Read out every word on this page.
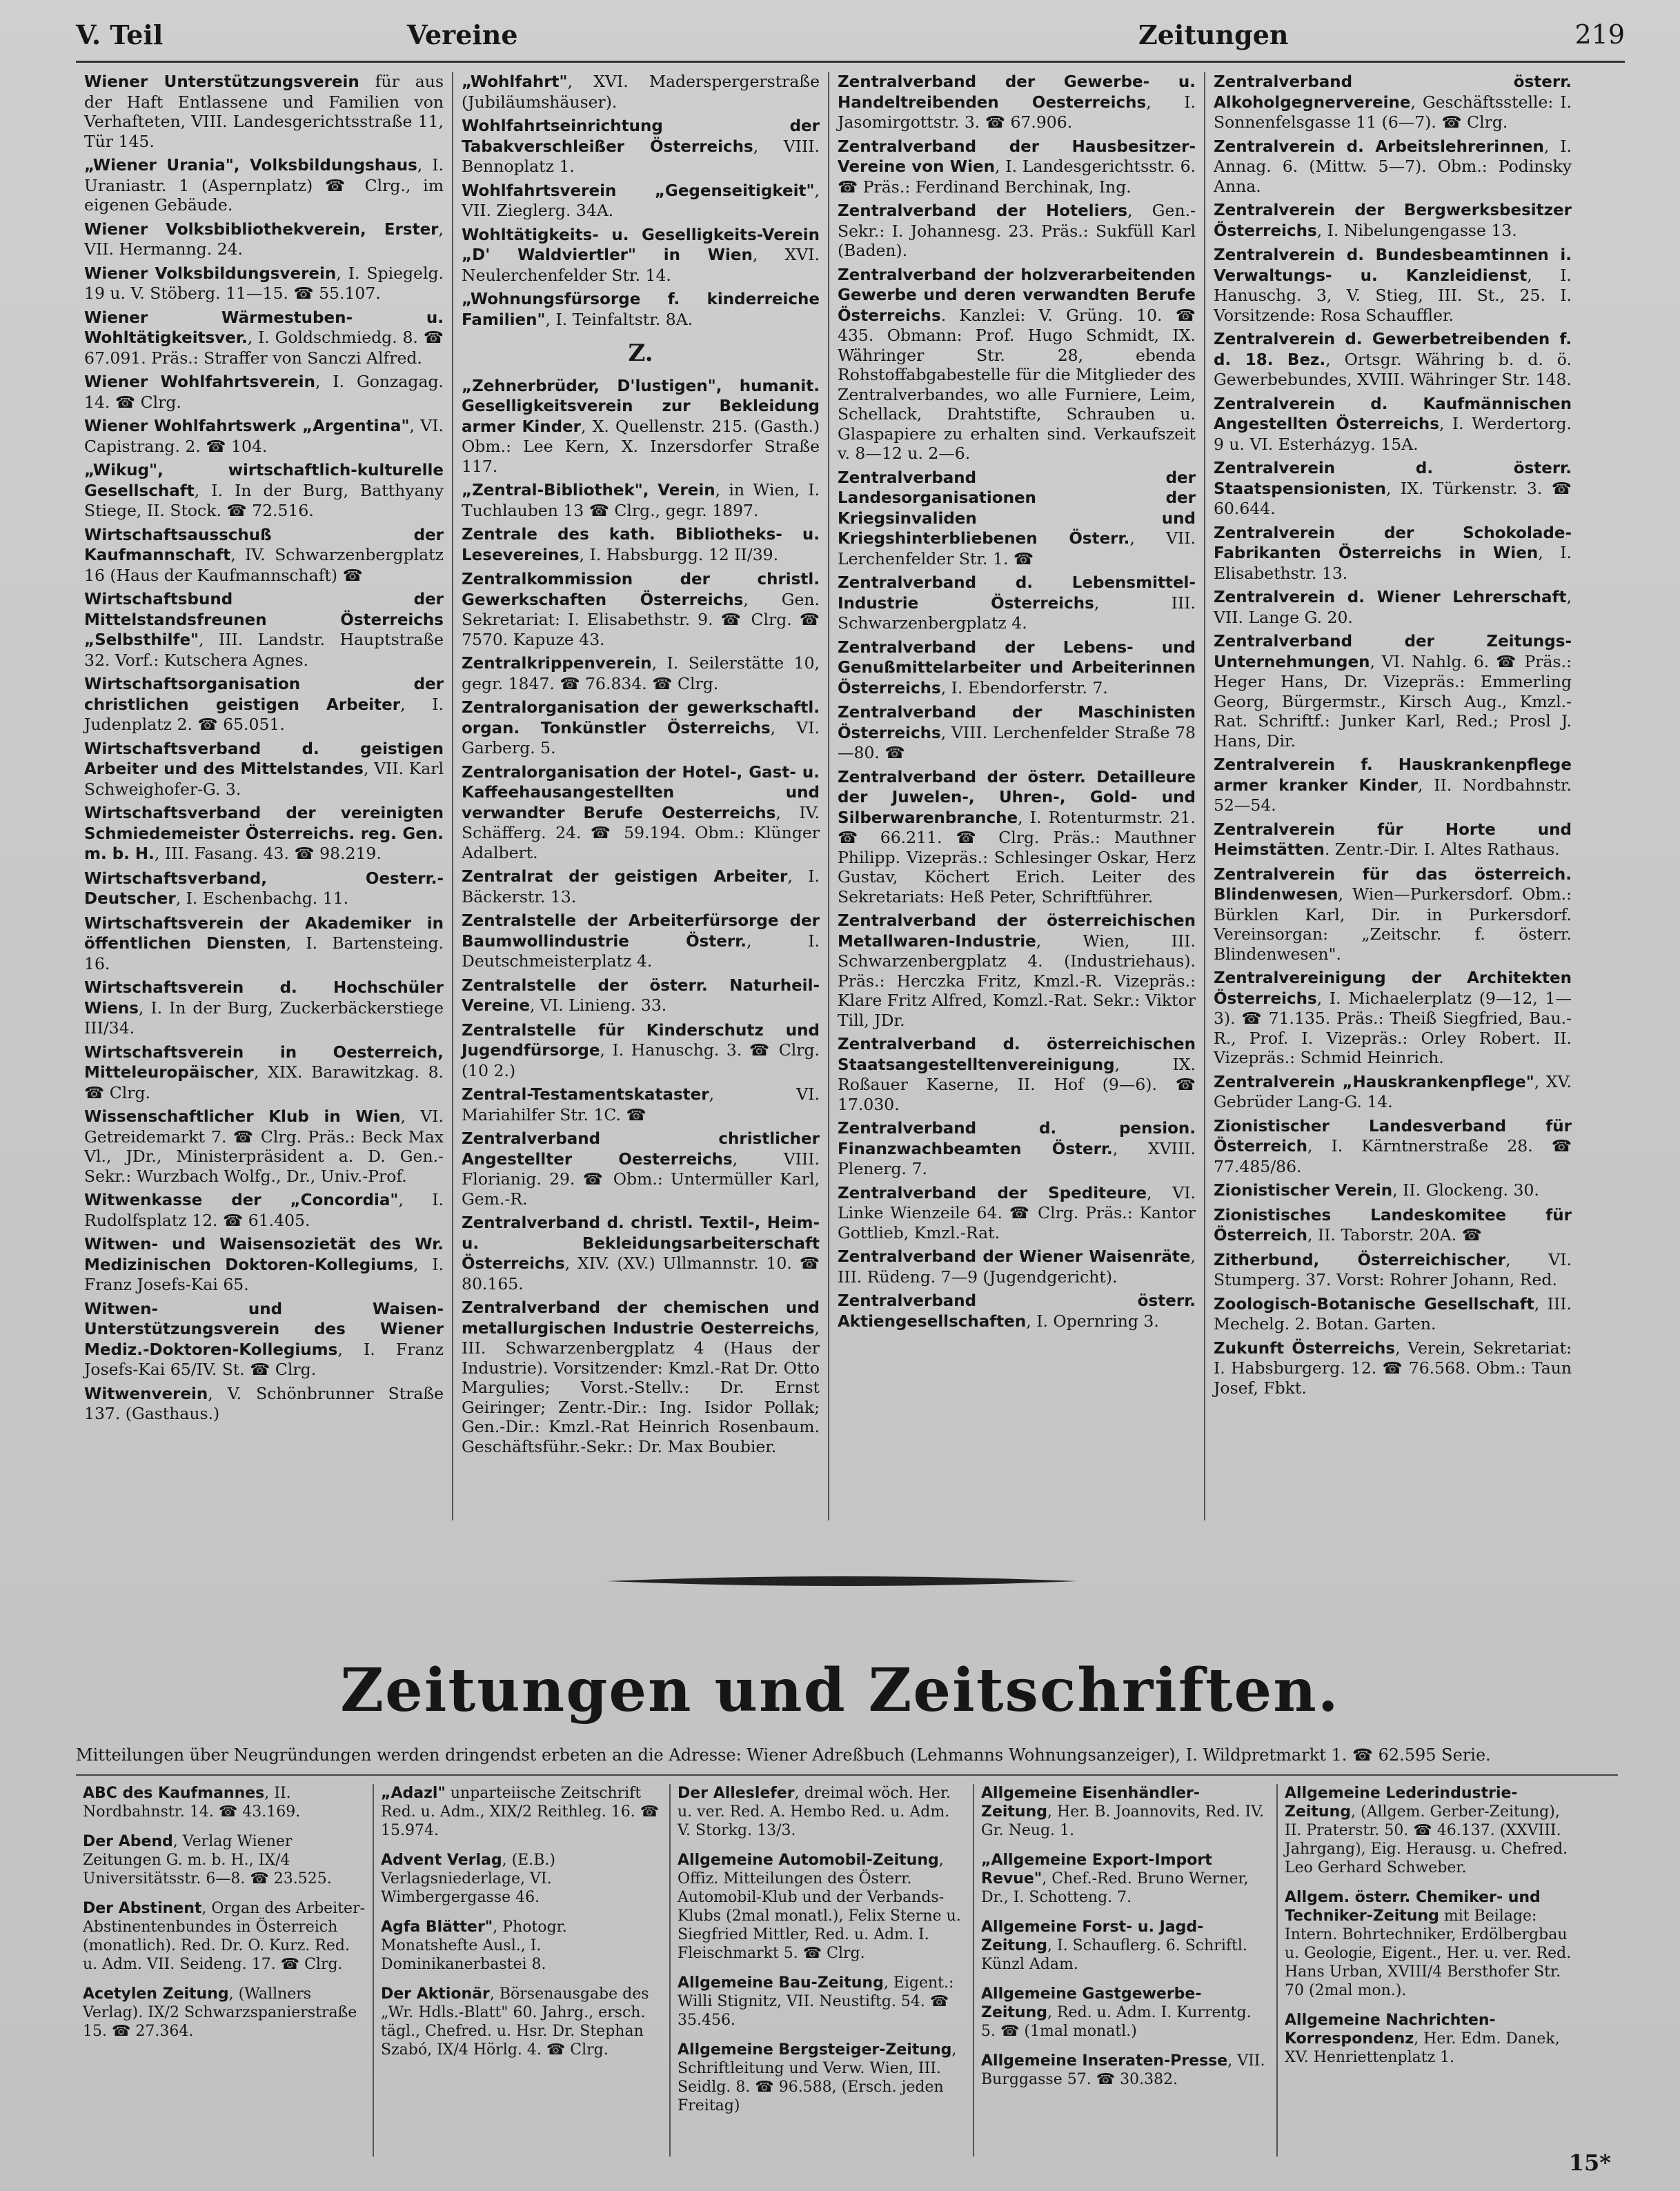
V. Teil	Vereine	Zeitungen	219

Wiener Unterstützungsverein für aus der Haft Entlassene und Familien von Verhafteten, VIII. Landesgerichtsstraße 11, Tür 145.

„Wiener Urania", Volksbildungshaus, I. Uraniastr. 1 (Aspernplatz) ☎ Clrg., im eigenen Gebäude.

Wiener Volksbibliothekverein, Erster, VII. Hermanng. 24.

Wiener Volksbildungsverein, I. Spiegelg. 19 u. V. Stöberg. 11—15. ☎ 55.107.

Wiener Wärmestuben- u. Wohltätigkeitsver., I. Goldschmiedg. 8. ☎ 67.091. Präs.: Straffer von Sanczi Alfred.

Wiener Wohlfahrtsverein, I. Gonzagag. 14. ☎ Clrg.

Wiener Wohlfahrtswerk „Argentina", VI. Capistrang. 2. ☎ 104.

„Wikug", wirtschaftlich-kulturelle Gesellschaft, I. In der Burg, Batthyany Stiege, II. Stock. ☎ 72.516.

Wirtschaftsausschuß der Kaufmannschaft, IV. Schwarzenbergplatz 16 (Haus der Kaufmannschaft) ☎

Wirtschaftsbund der Mittelstandsfreunen Österreichs „Selbsthilfe", III. Landstr. Hauptstraße 32. Vorf.: Kutschera Agnes.

Wirtschaftsorganisation der christlichen geistigen Arbeiter, I. Judenplatz 2. ☎ 65.051.

Wirtschaftsverband d. geistigen Arbeiter und des Mittelstandes, VII. Karl Schweighofer-G. 3.

Wirtschaftsverband der vereinigten Schmiedemeister Österreichs. reg. Gen. m. b. H., III. Fasang. 43. ☎ 98.219.

Wirtschaftsverband, Oesterr.-Deutscher, I. Eschenbachg. 11.

Wirtschaftsverein der Akademiker in öffentlichen Diensten, I. Bartensteing. 16.

Wirtschaftsverein d. Hochschüler Wiens, I. In der Burg, Zuckerbäckerstiege III/34.

Wirtschaftsverein in Oesterreich, Mitteleuropäischer, XIX. Barawitzkag. 8. ☎ Clrg.

Wissenschaftlicher Klub in Wien, VI. Getreidemarkt 7. ☎ Clrg. Präs.: Beck Max Vl., JDr., Ministerpräsident a. D. Gen.-Sekr.: Wurzbach Wolfg., Dr., Univ.-Prof.

Witwenkasse der „Concordia", I. Rudolfsplatz 12. ☎ 61.405.

Witwen- und Waisensozietät des Wr. Medizinischen Doktoren-Kollegiums, I. Franz Josefs-Kai 65.

Witwen- und Waisen-Unterstützungsverein des Wiener Mediz.-Doktoren-Kollegiums, I. Franz Josefs-Kai 65/IV. St. ☎ Clrg.

Witwenverein, V. Schönbrunner Straße 137. (Gasthaus.)

„Wohlfahrt", XVI. Maderspergerstraße (Jubiläumshäuser).

Wohlfahrtseinrichtung der Tabakverschleißer Österreichs, VIII. Bennoplatz 1.

Wohlfahrtsverein „Gegenseitigkeit", VII. Zieglerg. 34A.

Wohltätigkeits- u. Geselligkeits-Verein „D' Waldviertler" in Wien, XVI. Neulerchenfelder Str. 14.

„Wohnungsfürsorge f. kinderreiche Familien", I. Teinfaltstr. 8A.

Z.

„Zehnerbrüder, D'lustigen", humanit. Geselligkeitsverein zur Bekleidung armer Kinder, X. Quellenstr. 215. (Gasth.) Obm.: Lee Kern, X. Inzersdorfer Straße 117.

„Zentral-Bibliothek", Verein, in Wien, I. Tuchlauben 13 ☎ Clrg., gegr. 1897.

Zentrale des kath. Bibliotheks- u. Lesevereines, I. Habsburgg. 12 II/39.

Zentralkommission der christl. Gewerkschaften Österreichs, Gen. Sekretariat: I. Elisabethstr. 9. ☎ Clrg. ☎ 7570. Kapuze 43.

Zentralkrippenverein, I. Seilerstätte 10, gegr. 1847. ☎ 76.834. ☎ Clrg.

Zentralorganisation der gewerkschaftl. organ. Tonkünstler Österreichs, VI. Garberg. 5.

Zentralorganisation der Hotel-, Gast- u. Kaffeehausangestellten und verwandter Berufe Oesterreichs, IV. Schäfferg. 24. ☎ 59.194. Obm.: Klünger Adalbert.

Zentralrat der geistigen Arbeiter, I. Bäckerstr. 13.

Zentralstelle der Arbeiterfürsorge der Baumwollindustrie Österr., I. Deutschmeisterplatz 4.

Zentralstelle der österr. Naturheil-Vereine, VI. Linieng. 33.

Zentralstelle für Kinderschutz und Jugendfürsorge, I. Hanuschg. 3. ☎ Clrg. (10 2.)

Zentral-Testamentskataster, VI. Mariahilfer Str. 1C. ☎

Zentralverband christlicher Angestellter Oesterreichs, VIII. Florianig. 29. ☎ Obm.: Untermüller Karl, Gem.-R.

Zentralverband d. christl. Textil-, Heim- u. Bekleidungsarbeiterschaft Österreichs, XIV. (XV.) Ullmannstr. 10. ☎ 80.165.

Zentralverband der chemischen und metallurgischen Industrie Oesterreichs, III. Schwarzenbergplatz 4 (Haus der Industrie). Vorsitzender: Kmzl.-Rat Dr. Otto Margulies; Vorst.-Stellv.: Dr. Ernst Geiringer; Zentr.-Dir.: Ing. Isidor Pollak; Gen.-Dir.: Kmzl.-Rat Heinrich Rosenbaum. Geschäftsführ.-Sekr.: Dr. Max Boubier.

Zentralverband der Gewerbe- u. Handeltreibenden Oesterreichs, I. Jasomirgottstr. 3. ☎ 67.906.

Zentralverband der Hausbesitzer-Vereine von Wien, I. Landesgerichtsstr. 6. ☎ Präs.: Ferdinand Berchinak, Ing.

Zentralverband der Hoteliers, Gen.-Sekr.: I. Johannesg. 23. Präs.: Sukfüll Karl (Baden).

Zentralverband der holzverarbeitenden Gewerbe und deren verwandten Berufe Österreichs. Kanzlei: V. Grüng. 10. ☎ 435. Obmann: Prof. Hugo Schmidt, IX. Währinger Str. 28, ebenda Rohstoffabgabestelle für die Mitglieder des Zentralverbandes, wo alle Furniere, Leim, Schellack, Drahtstifte, Schrauben u. Glaspapiere zu erhalten sind. Verkaufszeit v. 8—12 u. 2—6.

Zentralverband der Landesorganisationen der Kriegsinvaliden und Kriegshinterbliebenen Österr., VII. Lerchenfelder Str. 1. ☎

Zentralverband d. Lebensmittel-Industrie Österreichs, III. Schwarzenbergplatz 4.

Zentralverband der Lebens- und Genußmittelarbeiter und Arbeiterinnen Österreichs, I. Ebendorferstr. 7.

Zentralverband der Maschinisten Österreichs, VIII. Lerchenfelder Straße 78—80. ☎

Zentralverband der österr. Detailleure der Juwelen-, Uhren-, Gold- und Silberwarenbranche, I. Rotenturmstr. 21. ☎ 66.211. ☎ Clrg. Präs.: Mauthner Philipp. Vizepräs.: Schlesinger Oskar, Herz Gustav, Köchert Erich. Leiter des Sekretariats: Heß Peter, Schriftführer.

Zentralverband der österreichischen Metallwaren-Industrie, Wien, III. Schwarzenbergplatz 4. (Industriehaus). Präs.: Herczka Fritz, Kmzl.-R. Vizepräs.: Klare Fritz Alfred, Komzl.-Rat. Sekr.: Viktor Till, JDr.

Zentralverband d. österreichischen Staatsangestelltenvereinigung, IX. Roßauer Kaserne, II. Hof (9—6). ☎ 17.030.

Zentralverband d. pension. Finanzwachbeamten Österr., XVIII. Plenerg. 7.

Zentralverband der Spediteure, VI. Linke Wienzeile 64. ☎ Clrg. Präs.: Kantor Gottlieb, Kmzl.-Rat.

Zentralverband der Wiener Waisenräte, III. Rüdeng. 7—9 (Jugendgericht).

Zentralverband österr. Aktiengesellschaften, I. Opernring 3.

Zentralverband österr. Alkoholgegnervereine, Geschäftsstelle: I. Sonnenfelsgasse 11 (6—7). ☎ Clrg.

Zentralverein d. Arbeitslehrerinnen, I. Annag. 6. (Mittw. 5—7). Obm.: Podinsky Anna.

Zentralverein der Bergwerksbesitzer Österreichs, I. Nibelungengasse 13.

Zentralverein d. Bundesbeamtinnen i. Verwaltungs- u. Kanzleidienst, I. Hanuschg. 3, V. Stieg, III. St., 25. I. Vorsitzende: Rosa Schauffler.

Zentralverein d. Gewerbetreibenden f. d. 18. Bez., Ortsgr. Währing b. d. ö. Gewerbebundes, XVIII. Währinger Str. 148.

Zentralverein d. Kaufmännischen Angestellten Österreichs, I. Werdertorg. 9 u. VI. Esterházyg. 15A.

Zentralverein d. österr. Staatspensionisten, IX. Türkenstr. 3. ☎ 60.644.

Zentralverein der Schokolade-Fabrikanten Österreichs in Wien, I. Elisabethstr. 13.

Zentralverein d. Wiener Lehrerschaft, VII. Lange G. 20.

Zentralverband der Zeitungs-Unternehmungen, VI. Nahlg. 6. ☎ Präs.: Heger Hans, Dr. Vizepräs.: Emmerling Georg, Bürgermstr., Kirsch Aug., Kmzl.-Rat. Schriftf.: Junker Karl, Red.; Prosl J. Hans, Dir.

Zentralverein f. Hauskrankenpflege armer kranker Kinder, II. Nordbahnstr. 52—54.

Zentralverein für Horte und Heimstätten. Zentr.-Dir. I. Altes Rathaus.

Zentralverein für das österreich. Blindenwesen, Wien—Purkersdorf. Obm.: Bürklen Karl, Dir. in Purkersdorf. Vereinsorgan: „Zeitschr. f. österr. Blindenwesen".

Zentralvereinigung der Architekten Österreichs, I. Michaelerplatz (9—12, 1—3). ☎ 71.135. Präs.: Theiß Siegfried, Bau.-R., Prof. I. Vizepräs.: Orley Robert. II. Vizepräs.: Schmid Heinrich.

Zentralverein „Hauskrankenpflege", XV. Gebrüder Lang-G. 14.

Zionistischer Landesverband für Österreich, I. Kärntnerstraße 28. ☎ 77.485/86.

Zionistischer Verein, II. Glockeng. 30.

Zionistisches Landeskomitee für Österreich, II. Taborstr. 20A. ☎

Zitherbund, Österreichischer, VI. Stumperg. 37. Vorst: Rohrer Johann, Red.

Zoologisch-Botanische Gesellschaft, III. Mechelg. 2. Botan. Garten.

Zukunft Österreichs, Verein, Sekretariat: I. Habsburgerg. 12. ☎ 76.568. Obm.: Taun Josef, Fbkt.

Zeitungen und Zeitschriften.
Mitteilungen über Neugründungen werden dringendst erbeten an die Adresse: Wiener Adreßbuch (Lehmanns Wohnungsanzeiger), I. Wildpretmarkt 1. ☎ 62.595 Serie.

ABC des Kaufmannes, II. Nordbahnstr. 14. ☎ 43.169.

Der Abend, Verlag Wiener Zeitungen G. m. b. H., IX/4 Universitätsstr. 6—8. ☎ 23.525.

Der Abstinent, Organ des Arbeiter-Abstinentenbundes in Österreich (monatlich). Red. Dr. O. Kurz. Red. u. Adm. VII. Seideng. 17. ☎ Clrg.

Acetylen Zeitung, (Wallners Verlag). IX/2 Schwarzspanierstraße 15. ☎ 27.364.

„Adazl" unparteiische Zeitschrift Red. u. Adm., XIX/2 Reithleg. 16. ☎ 15.974.

Advent Verlag, (E.B.) Verlagsniederlage, VI. Wimbergergasse 46.

Agfa Blätter", Photogr. Monatshefte Ausl., I. Dominikanerbastei 8.

Der Aktionär, Börsenausgabe des „Wr. Hdls.-Blatt" 60. Jahrg., ersch. tägl., Chefred. u. Hsr. Dr. Stephan Szabó, IX/4 Hörlg. 4. ☎ Clrg.

Der Alleslefer, dreimal wöch. Her. u. ver. Red. A. Hembo Red. u. Adm. V. Storkg. 13/3.

Allgemeine Automobil-Zeitung, Offiz. Mitteilungen des Österr. Automobil-Klub und der Verbands-Klubs (2mal monatl.), Felix Sterne u. Siegfried Mittler, Red. u. Adm. I. Fleischmarkt 5. ☎ Clrg.

Allgemeine Bau-Zeitung, Eigent.: Willi Stignitz, VII. Neustiftg. 54. ☎ 35.456.

Allgemeine Bergsteiger-Zeitung, Schriftleitung und Verw. Wien, III. Seidlg. 8. ☎ 96.588, (Ersch. jeden Freitag)

Allgemeine Eisenhändler-Zeitung, Her. B. Joannovits, Red. IV. Gr. Neug. 1.

„Allgemeine Export-Import Revue", Chef.-Red. Bruno Werner, Dr., I. Schotteng. 7.

Allgemeine Forst- u. Jagd-Zeitung, I. Schauflerg. 6. Schriftl. Künzl Adam.

Allgemeine Gastgewerbe-Zeitung, Red. u. Adm. I. Kurrentg. 5. ☎ (1mal monatl.)

Allgemeine Inseraten-Presse, VII. Burggasse 57. ☎ 30.382.

Allgemeine Lederindustrie-Zeitung, (Allgem. Gerber-Zeitung), II. Praterstr. 50. ☎ 46.137. (XXVIII. Jahrgang), Eig. Herausg. u. Chefred. Leo Gerhard Schweber.

Allgem. österr. Chemiker- und Techniker-Zeitung mit Beilage: Intern. Bohrtechniker, Erdölbergbau u. Geologie, Eigent., Her. u. ver. Red. Hans Urban, XVIII/4 Bersthofer Str. 70 (2mal mon.).

Allgemeine Nachrichten-Korrespondenz, Her. Edm. Danek, XV. Henriettenplatz 1.

15*
